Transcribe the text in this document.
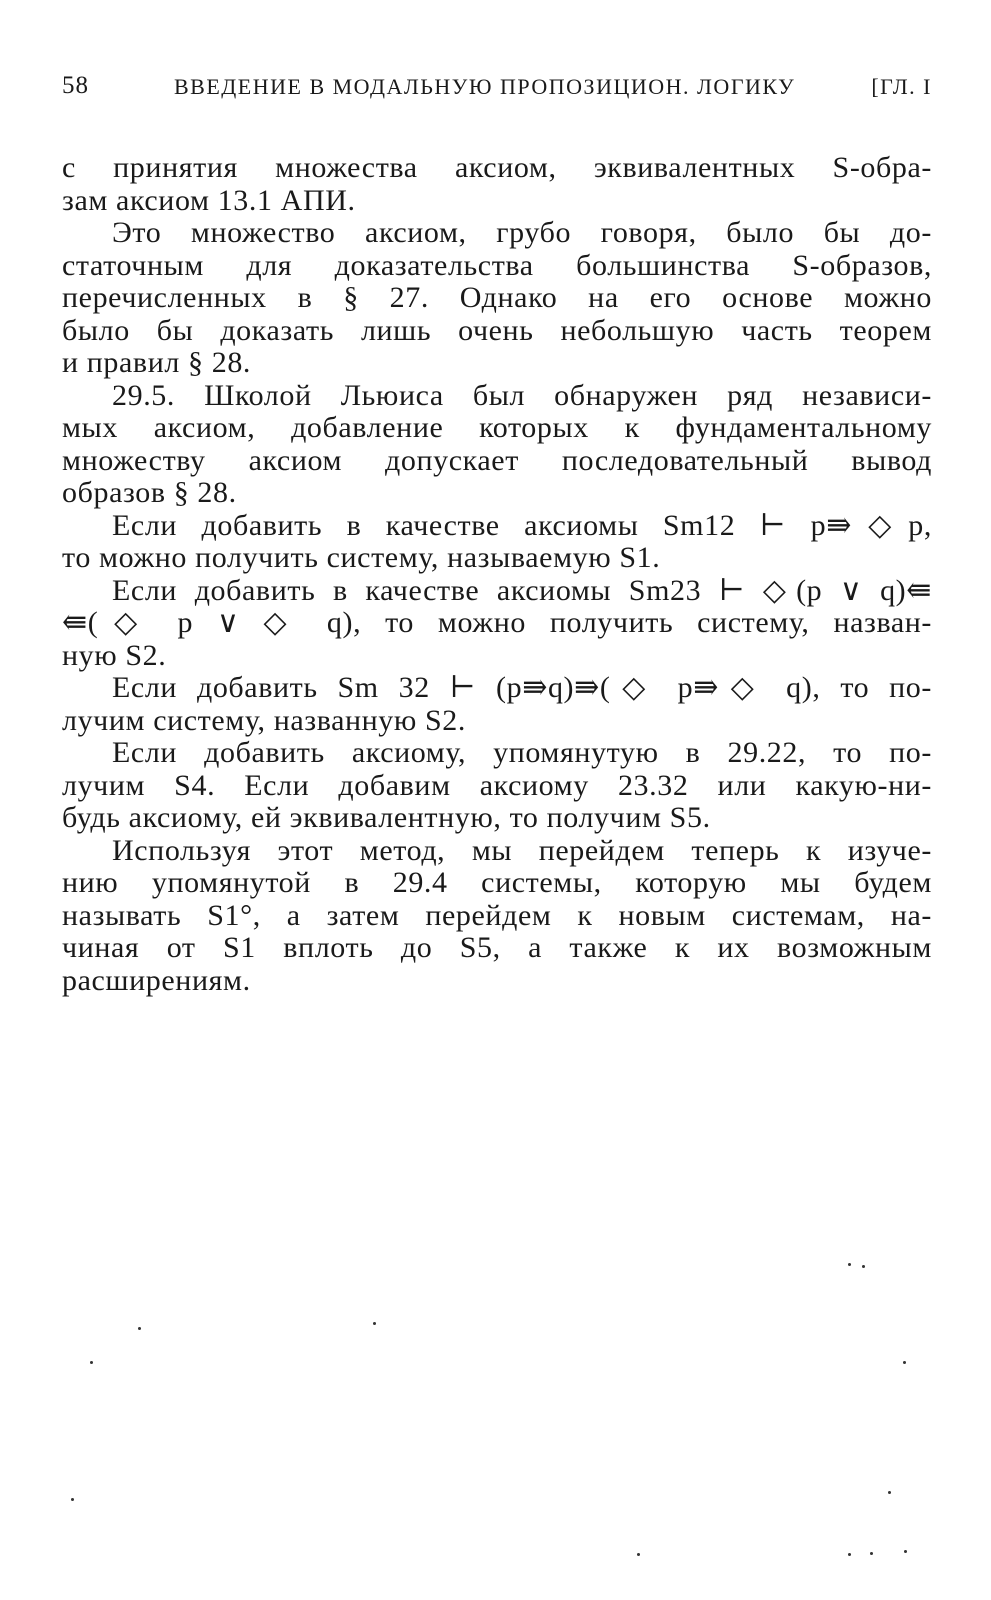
58	ВВЕДЕНИЕ В МОДАЛЬНУЮ ПРОПОЗИЦИОН. ЛОГИКУ	[ГЛ. I
с принятия множества аксиом, эквивалентных S-обра-
зам аксиом 13.1 АПИ.
Это множество аксиом, грубо говоря, было бы до-
статочным для доказательства большинства S-образов,
перечисленных в § 27. Однако на его основе можно
было бы доказать лишь очень небольшую часть теорем
и правил § 28.
29.5. Школой Льюиса был обнаружен ряд независи-
мых аксиом, добавление которых к фундаментальному
множеству аксиом допускает последовательный вывод
образов § 28.
Если добавить в качестве аксиомы Sm12 ⊢ p⇛◇p,
то можно получить систему, называемую S1.
Если добавить в качестве аксиомы Sm23 ⊢ ◇(p ∨ q)⇚
⇚(◇ p ∨ ◇ q), то можно получить систему, назван-
ную S2.
Если добавить Sm 32 ⊢ (p⇛q)⇛(◇ p⇛◇ q), то по-
лучим систему, названную S2.
Если добавить аксиому, упомянутую в 29.22, то по-
лучим S4. Если добавим аксиому 23.32 или какую-ни-
будь аксиому, ей эквивалентную, то получим S5.
Используя этот метод, мы перейдем теперь к изуче-
нию упомянутой в 29.4 системы, которую мы будем
называть S1°, а затем перейдем к новым системам, на-
чиная от S1 вплоть до S5, а также к их возможным
расширениям.
